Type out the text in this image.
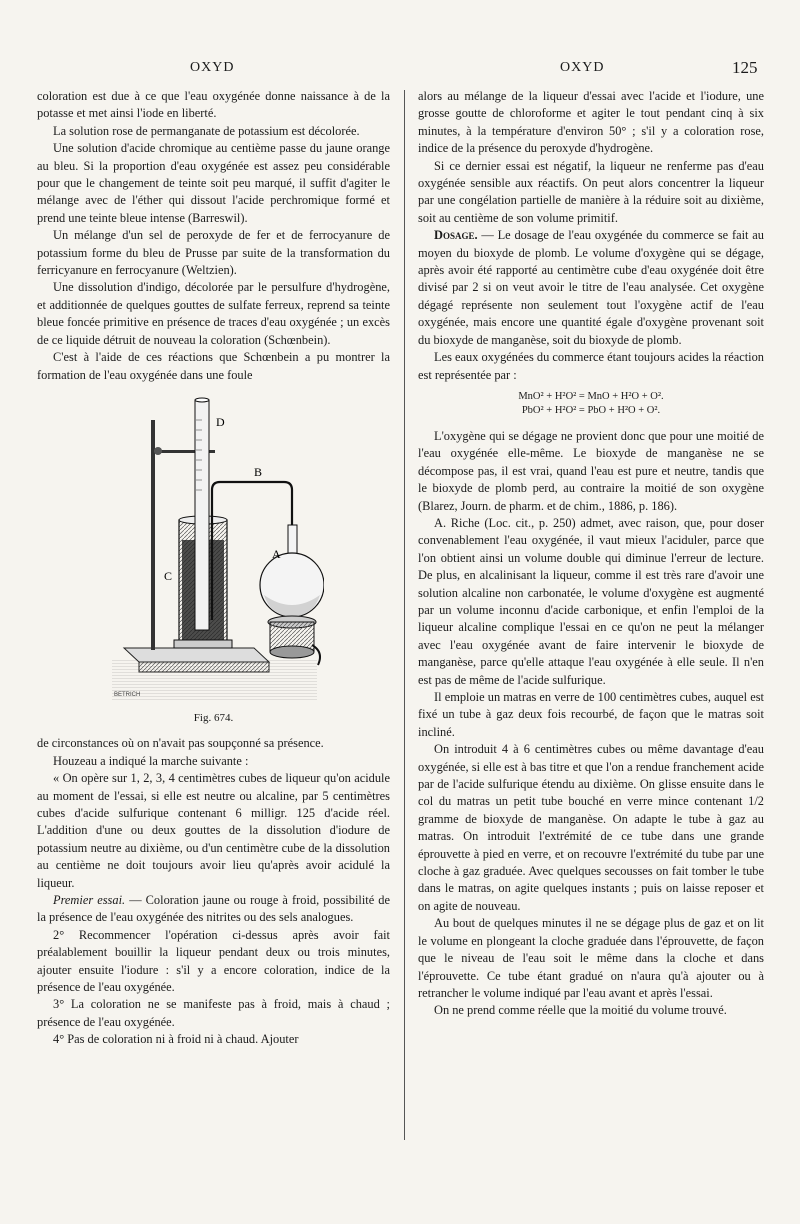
OXYD	OXYD	125

coloration est due à ce que l'eau oxygénée donne naissance à de la potasse et met ainsi l'iode en liberté.

La solution rose de permanganate de potassium est décolorée.

Une solution d'acide chromique au centième passe du jaune orange au bleu. Si la proportion d'eau oxygénée est assez peu considérable pour que le changement de teinte soit peu marqué, il suffit d'agiter le mélange avec de l'éther qui dissout l'acide perchromique formé et prend une teinte bleue intense (Barreswil).

Un mélange d'un sel de peroxyde de fer et de ferrocyanure de potassium forme du bleu de Prusse par suite de la transformation du ferricyanure en ferrocyanure (Weltzien).

Une dissolution d'indigo, décolorée par le persulfure d'hydrogène, et additionnée de quelques gouttes de sulfate ferreux, reprend sa teinte bleue foncée primitive en présence de traces d'eau oxygénée ; un excès de ce liquide détruit de nouveau la coloration (Schœnbein).

C'est à l'aide de ces réactions que Schœnbein a pu montrer la formation de l'eau oxygénée dans une foule

D
B
A
C
BETRICH
Fig. 674.

de circonstances où on n'avait pas soupçonné sa présence.

Houzeau a indiqué la marche suivante :

« On opère sur 1, 2, 3, 4 centimètres cubes de liqueur qu'on acidule au moment de l'essai, si elle est neutre ou alcaline, par 5 centimètres cubes d'acide sulfurique contenant 6 milligr. 125 d'acide réel. L'addition d'une ou deux gouttes de la dissolution d'iodure de potassium neutre au dixième, ou d'un centimètre cube de la dissolution au centième ne doit toujours avoir lieu qu'après avoir acidulé la liqueur.

Premier essai. — Coloration jaune ou rouge à froid, possibilité de la présence de l'eau oxygénée des nitrites ou des sels analogues.

2° Recommencer l'opération ci-dessus après avoir fait préalablement bouillir la liqueur pendant deux ou trois minutes, ajouter ensuite l'iodure : s'il y a encore coloration, indice de la présence de l'eau oxygénée.

3° La coloration ne se manifeste pas à froid, mais à chaud ; présence de l'eau oxygénée.

4° Pas de coloration ni à froid ni à chaud. Ajouter

alors au mélange de la liqueur d'essai avec l'acide et l'iodure, une grosse goutte de chloroforme et agiter le tout pendant cinq à six minutes, à la température d'environ 50° ; s'il y a coloration rose, indice de la présence du peroxyde d'hydrogène.

Si ce dernier essai est négatif, la liqueur ne renferme pas d'eau oxygénée sensible aux réactifs. On peut alors concentrer la liqueur par une congélation partielle de manière à la réduire soit au dixième, soit au centième de son volume primitif.

Dosage. — Le dosage de l'eau oxygénée du commerce se fait au moyen du bioxyde de plomb. Le volume d'oxygène qui se dégage, après avoir été rapporté au centimètre cube d'eau oxygénée doit être divisé par 2 si on veut avoir le titre de l'eau analysée. Cet oxygène dégagé représente non seulement tout l'oxygène actif de l'eau oxygénée, mais encore une quantité égale d'oxygène provenant soit du bioxyde de manganèse, soit du bioxyde de plomb.

Les eaux oxygénées du commerce étant toujours acides la réaction est représentée par :

MnO² + H²O² = MnO + H²O + O².
PbO² + H²O² = PbO + H²O + O².

L'oxygène qui se dégage ne provient donc que pour une moitié de l'eau oxygénée elle-même. Le bioxyde de manganèse ne se décompose pas, il est vrai, quand l'eau est pure et neutre, tandis que le bioxyde de plomb perd, au contraire la moitié de son oxygène (Blarez, Journ. de pharm. et de chim., 1886, p. 186).

A. Riche (Loc. cit., p. 250) admet, avec raison, que, pour doser convenablement l'eau oxygénée, il vaut mieux l'aciduler, parce que l'on obtient ainsi un volume double qui diminue l'erreur de lecture. De plus, en alcalinisant la liqueur, comme il est très rare d'avoir une solution alcaline non carbonatée, le volume d'oxygène est augmenté par un volume inconnu d'acide carbonique, et enfin l'emploi de la liqueur alcaline complique l'essai en ce qu'on ne peut la mélanger avec l'eau oxygénée avant de faire intervenir le bioxyde de manganèse, parce qu'elle attaque l'eau oxygénée à elle seule. Il n'en est pas de même de l'acide sulfurique.

Il emploie un matras en verre de 100 centimètres cubes, auquel est fixé un tube à gaz deux fois recourbé, de façon que le matras soit incliné.

On introduit 4 à 6 centimètres cubes ou même davantage d'eau oxygénée, si elle est à bas titre et que l'on a rendue franchement acide par de l'acide sulfurique étendu au dixième. On glisse ensuite dans le col du matras un petit tube bouché en verre mince contenant 1/2 gramme de bioxyde de manganèse. On adapte le tube à gaz au matras. On introduit l'extrémité de ce tube dans une grande éprouvette à pied en verre, et on recouvre l'extrémité du tube par une cloche à gaz graduée. Avec quelques secousses on fait tomber le tube dans le matras, on agite quelques instants ; puis on laisse reposer et on agite de nouveau.

Au bout de quelques minutes il ne se dégage plus de gaz et on lit le volume en plongeant la cloche graduée dans l'éprouvette, de façon que le niveau de l'eau soit le même dans la cloche et dans l'éprouvette. Ce tube étant gradué on n'aura qu'à ajouter ou à retrancher le volume indiqué par l'eau avant et après l'essai.

On ne prend comme réelle que la moitié du volume trouvé.
